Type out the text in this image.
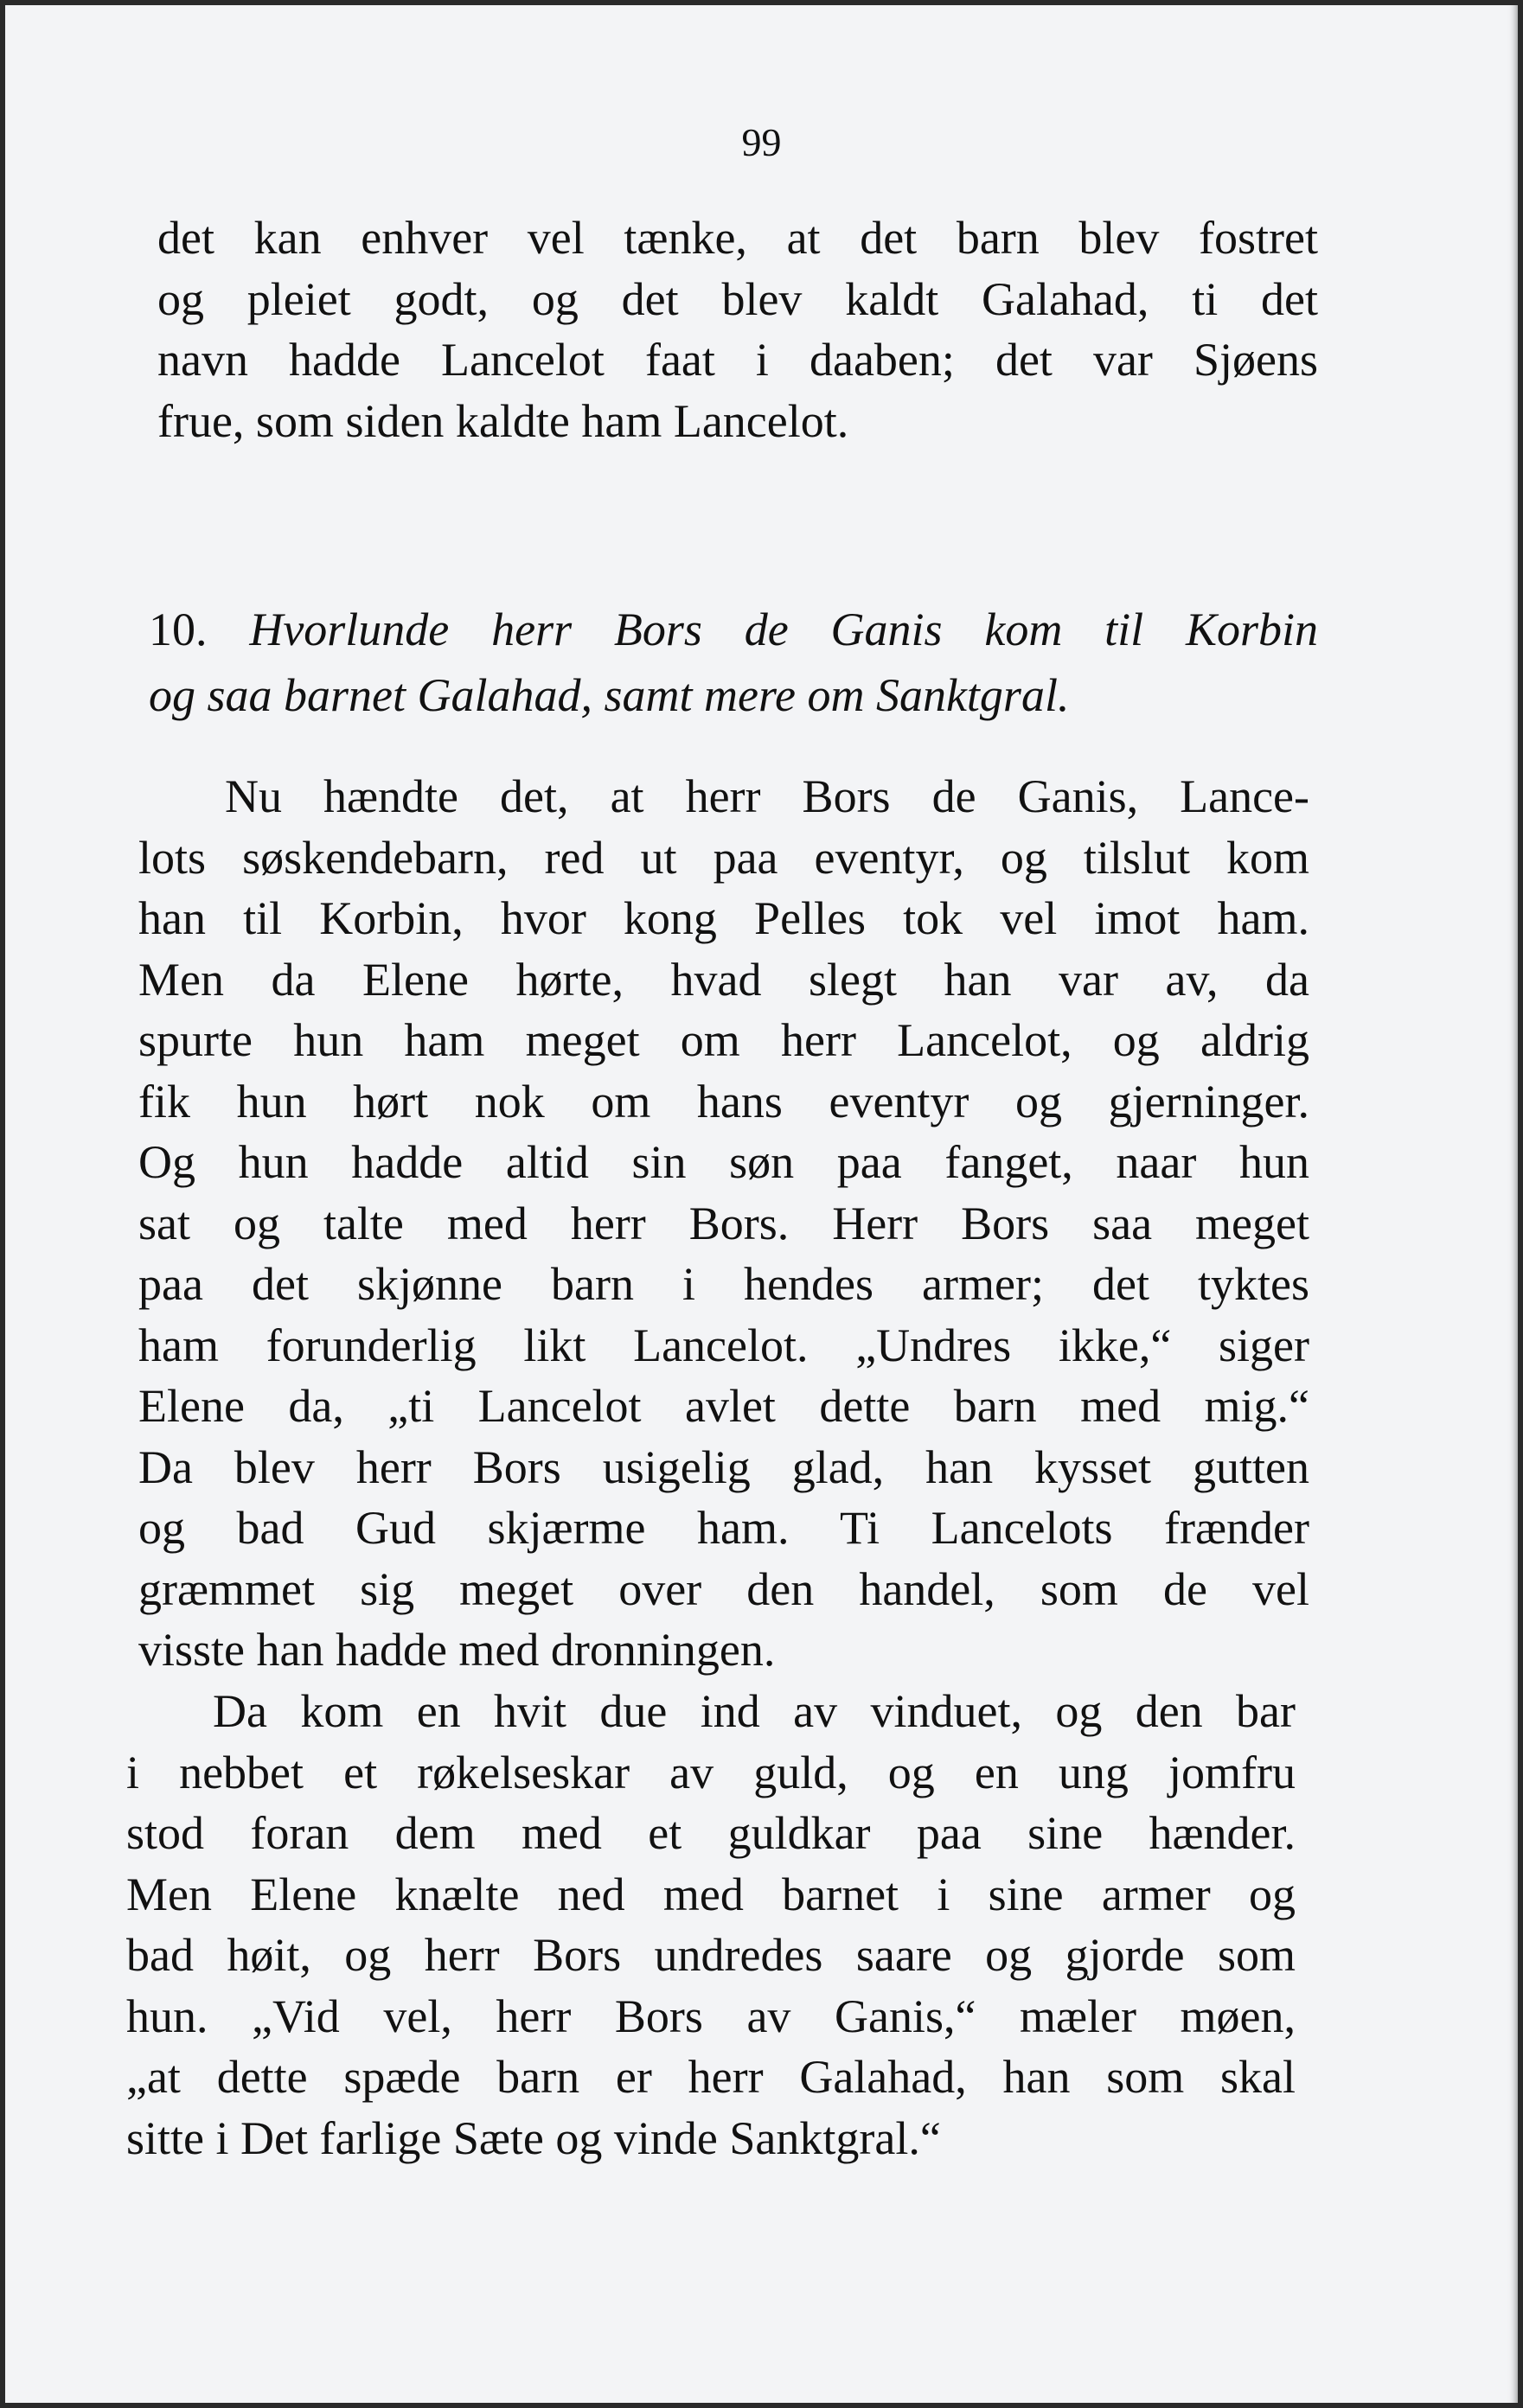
99
det kan enhver vel tænke, at det barn blev fostret
og pleiet godt, og det blev kaldt Galahad, ti det
navn hadde Lancelot faat i daaben; det var Sjøens
frue, som siden kaldte ham Lancelot.
10. Hvorlunde herr Bors de Ganis kom til Korbin
og saa barnet Galahad, samt mere om Sanktgral.
Nu hændte det, at herr Bors de Ganis, Lance-
lots søskendebarn, red ut paa eventyr, og tilslut kom
han til Korbin, hvor kong Pelles tok vel imot ham.
Men da Elene hørte, hvad slegt han var av, da
spurte hun ham meget om herr Lancelot, og aldrig
fik hun hørt nok om hans eventyr og gjerninger.
Og hun hadde altid sin søn paa fanget, naar hun
sat og talte med herr Bors. Herr Bors saa meget
paa det skjønne barn i hendes armer; det tyktes
ham forunderlig likt Lancelot. „Undres ikke,“ siger
Elene da, „ti Lancelot avlet dette barn med mig.“
Da blev herr Bors usigelig glad, han kysset gutten
og bad Gud skjærme ham. Ti Lancelots frænder
græmmet sig meget over den handel, som de vel
visste han hadde med dronningen.
Da kom en hvit due ind av vinduet, og den bar
i nebbet et røkelseskar av guld, og en ung jomfru
stod foran dem med et guldkar paa sine hænder.
Men Elene knælte ned med barnet i sine armer og
bad høit, og herr Bors undredes saare og gjorde som
hun. „Vid vel, herr Bors av Ganis,“ mæler møen,
„at dette spæde barn er herr Galahad, han som skal
sitte i Det farlige Sæte og vinde Sanktgral.“
